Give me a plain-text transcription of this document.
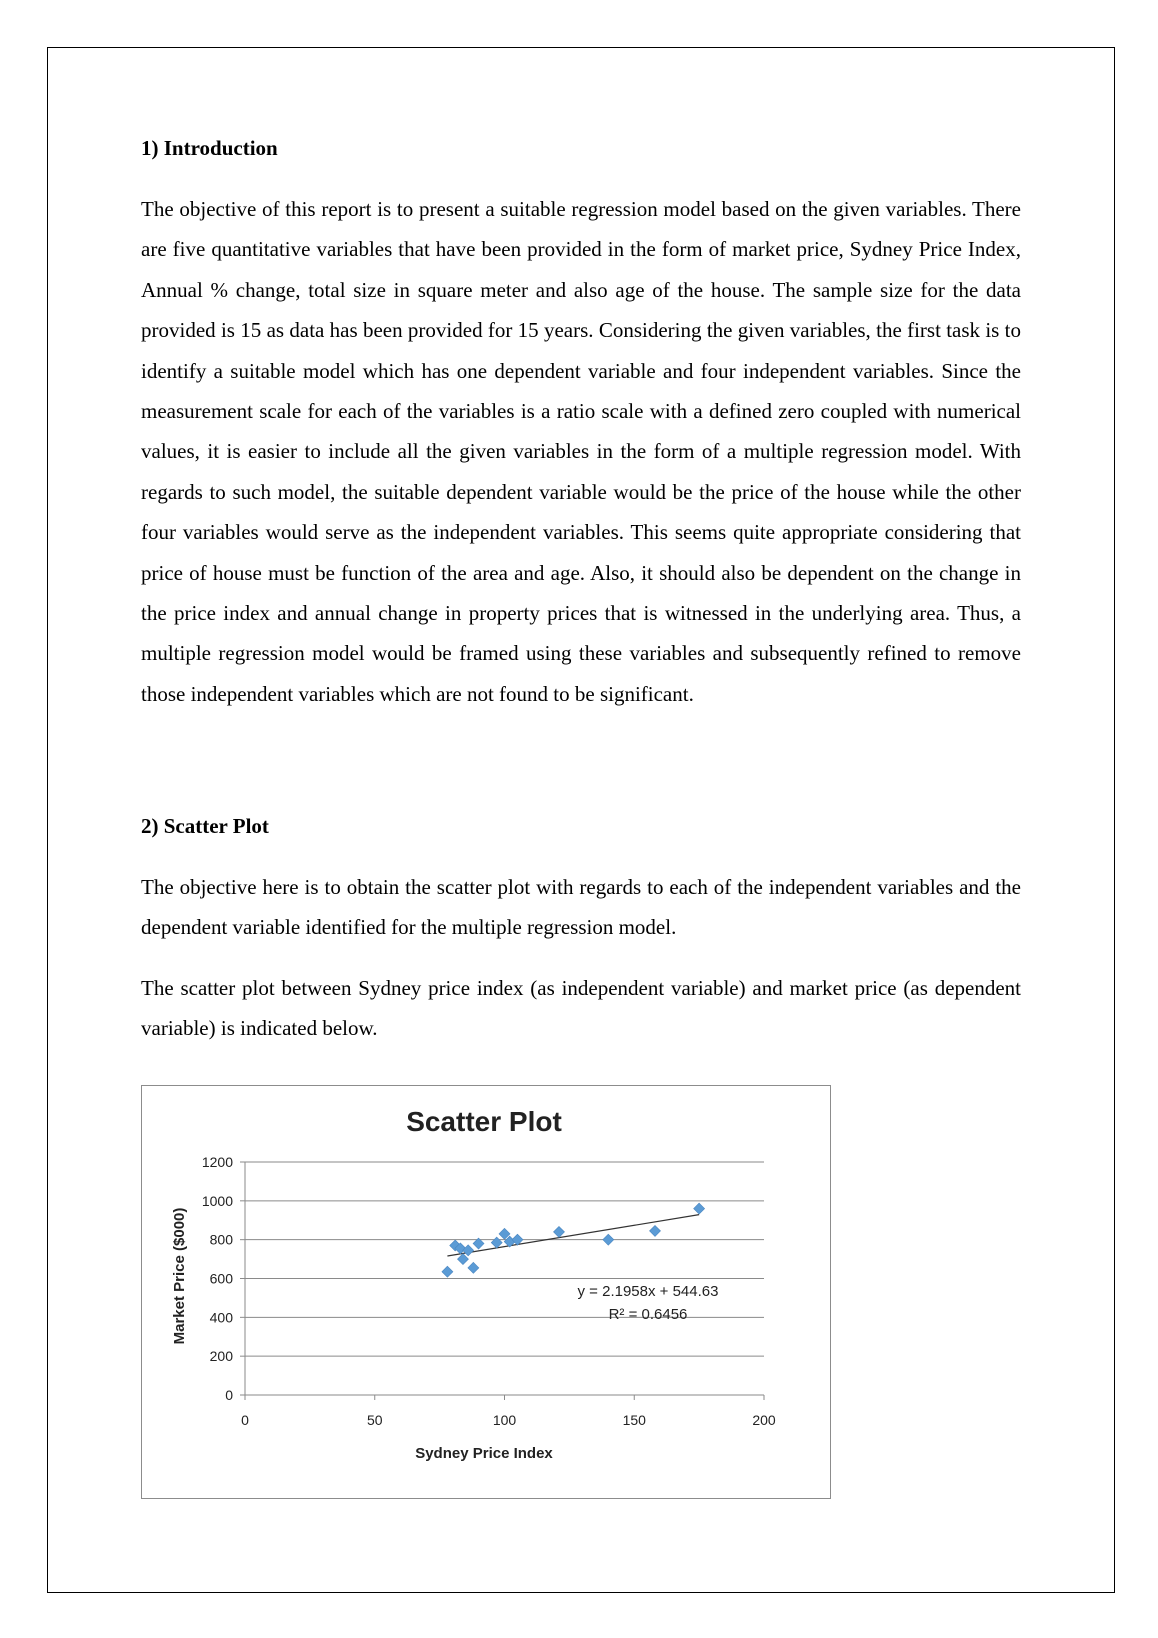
1) Introduction

The objective of this report is to present a suitable regression model based on the given variables. There are five quantitative variables that have been provided in the form of market price, Sydney Price Index, Annual % change, total size in square meter and also age of the house. The sample size for the data provided is 15 as data has been provided for 15 years. Considering the given variables, the first task is to identify a suitable model which has one dependent variable and four independent variables. Since the measurement scale for each of the variables is a ratio scale with a defined zero coupled with numerical values, it is easier to include all the given variables in the form of a multiple regression model. With regards to such model, the suitable dependent variable would be the price of the house while the other four variables would serve as the independent variables. This seems quite appropriate considering that price of house must be function of the area and age. Also, it should also be dependent on the change in the price index and annual change in property prices that is witnessed in the underlying area. Thus, a multiple regression model would be framed using these variables and subsequently refined to remove those independent variables which are not found to be significant.

2) Scatter Plot

The objective here is to obtain the scatter plot with regards to each of the independent variables and the dependent variable identified for the multiple regression model.

The scatter plot between Sydney price index (as independent variable) and market price (as dependent variable) is indicated below.

Scatter Plot
0
200
400
600
800
1000
1200
0	50	100	150	200
y = 2.1958x + 544.63
R² = 0.6456
Sydney Price Index
Market Price ($000)
